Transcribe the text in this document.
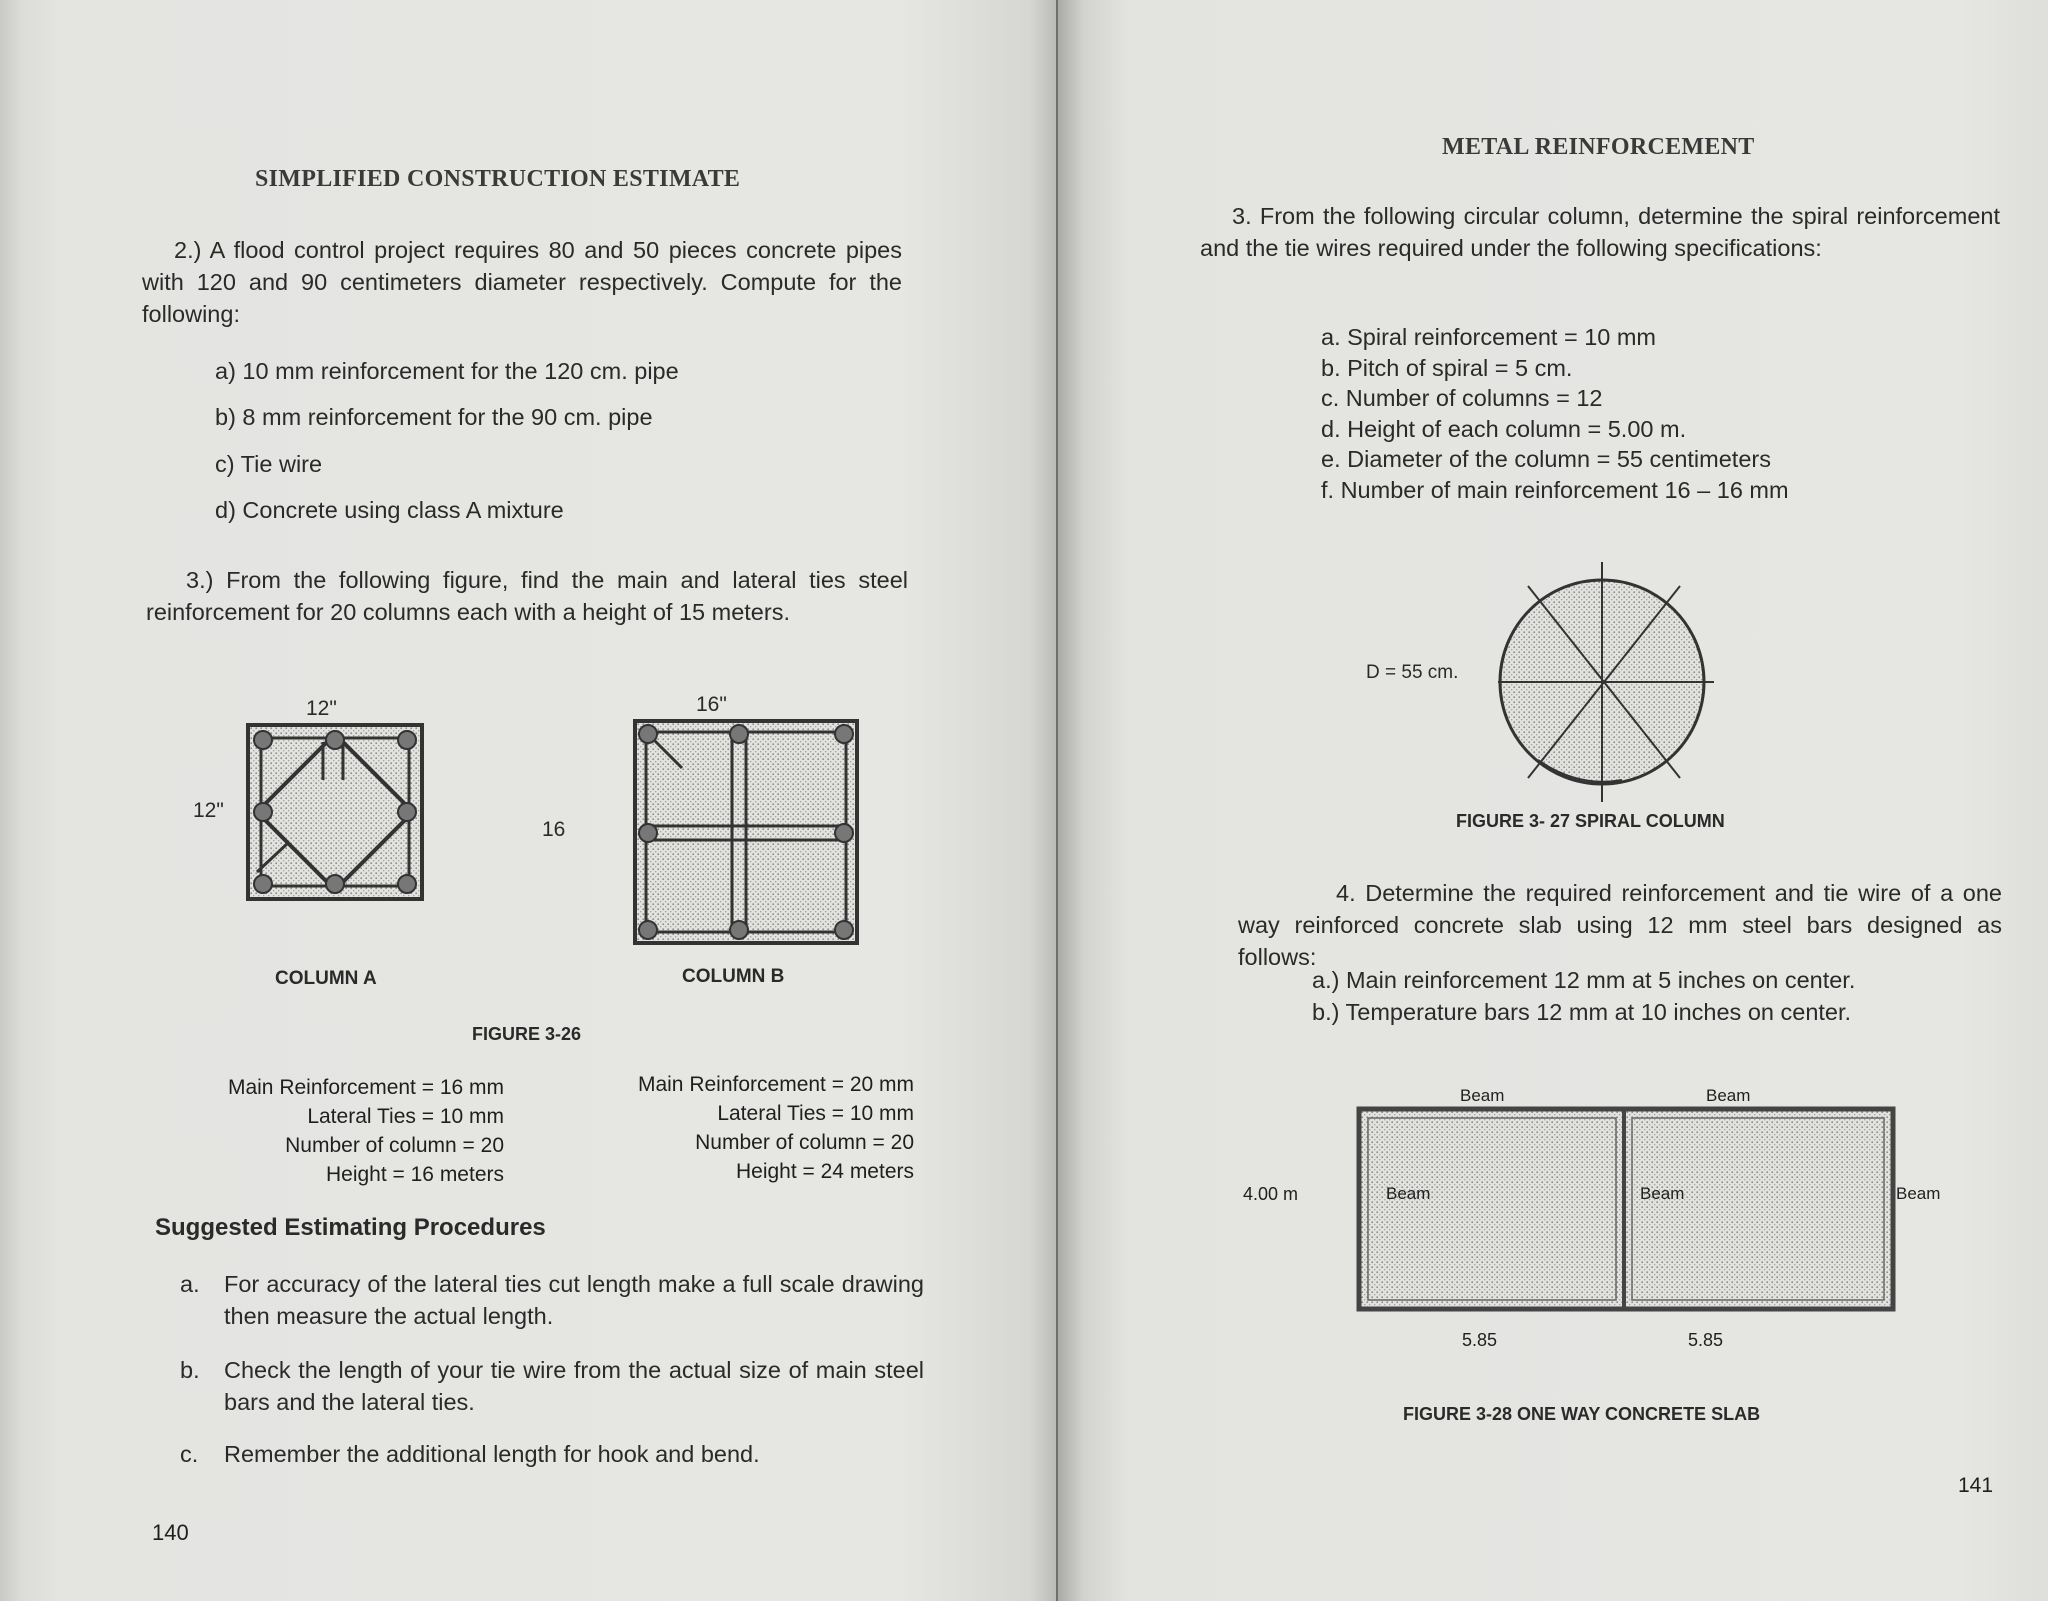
SIMPLIFIED CONSTRUCTION ESTIMATE

2.) A flood control project requires 80 and 50 pieces concrete pipes with 120 and 90 centimeters diameter respectively. Compute for the following:

a) 10 mm reinforcement for the 120 cm. pipe
b) 8 mm reinforcement for the 90 cm. pipe
c) Tie wire
d) Concrete using class A mixture

3.) From the following figure, find the main and lateral ties steel reinforcement for 20 columns each with a height of 15 meters.

12"
12"
COLUMN A
16"
16
COLUMN B
FIGURE 3-26
Main Reinforcement = 16 mm
Lateral Ties = 10 mm
Number of column = 20
Height = 16 meters
Main Reinforcement = 20 mm
Lateral Ties = 10 mm
Number of column = 20
Height = 24 meters
Suggested Estimating Procedures
a. For accuracy of the lateral ties cut length make a full scale drawing then measure the actual length.
b. Check the length of your tie wire from the actual size of main steel bars and the lateral ties.
c. Remember the additional length for hook and bend.
140
METAL REINFORCEMENT

3. From the following circular column, determine the spiral reinforcement and the tie wires required under the following specifications:

a. Spiral reinforcement = 10 mm
b. Pitch of spiral = 5 cm.
c. Number of columns = 12
d. Height of each column = 5.00 m.
e. Diameter of the column = 55 centimeters
f. Number of main reinforcement 16 – 16 mm
D = 55 cm.
FIGURE 3- 27 SPIRAL COLUMN

4. Determine the required reinforcement and tie wire of a one way reinforced concrete slab using 12 mm steel bars designed as follows:

a.) Main reinforcement 12 mm at 5 inches on center.
b.) Temperature bars 12 mm at 10 inches on center.
Beam	Beam
4.00 m	Beam	Beam	Beam
5.85	5.85
FIGURE 3-28 ONE WAY CONCRETE SLAB
141
